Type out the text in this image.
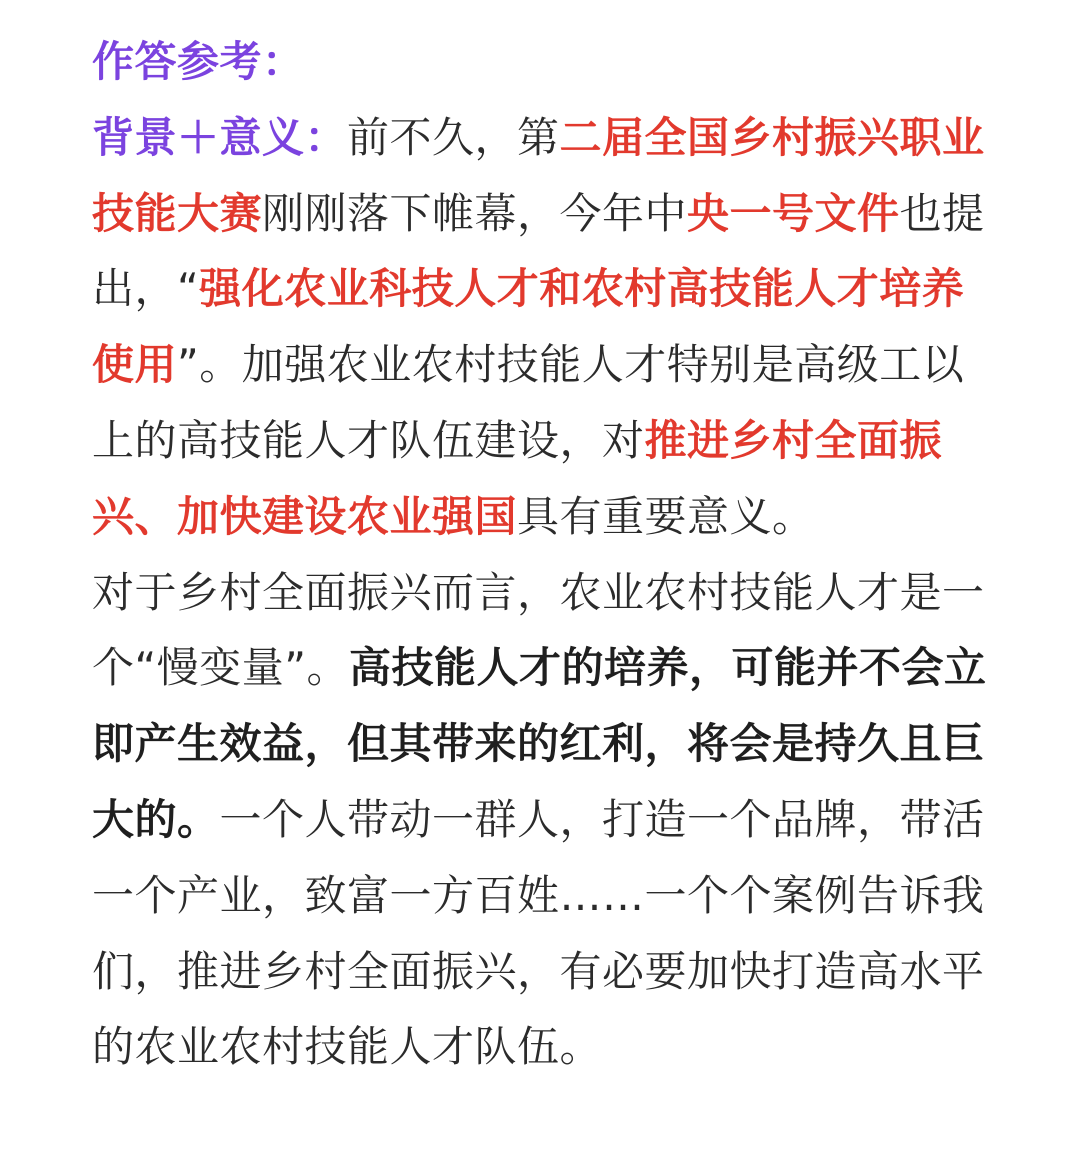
作答参考：

背景＋意义：前不久，第二届全国乡村振兴职业技能大赛刚刚落下帷幕，今年中央一号文件也提出，“强化农业科技人才和农村高技能人才培养使用”。加强农业农村技能人才特别是高级工以上的高技能人才队伍建设，对推进乡村全面振兴、加快建设农业强国具有重要意义。

对于乡村全面振兴而言，农业农村技能人才是一个“慢变量”。高技能人才的培养，可能并不会立即产生效益，但其带来的红利，将会是持久且巨大的。一个人带动一群人，打造一个品牌，带活一个产业，致富一方百姓……一个个案例告诉我们，推进乡村全面振兴，有必要加快打造高水平的农业农村技能人才队伍。
